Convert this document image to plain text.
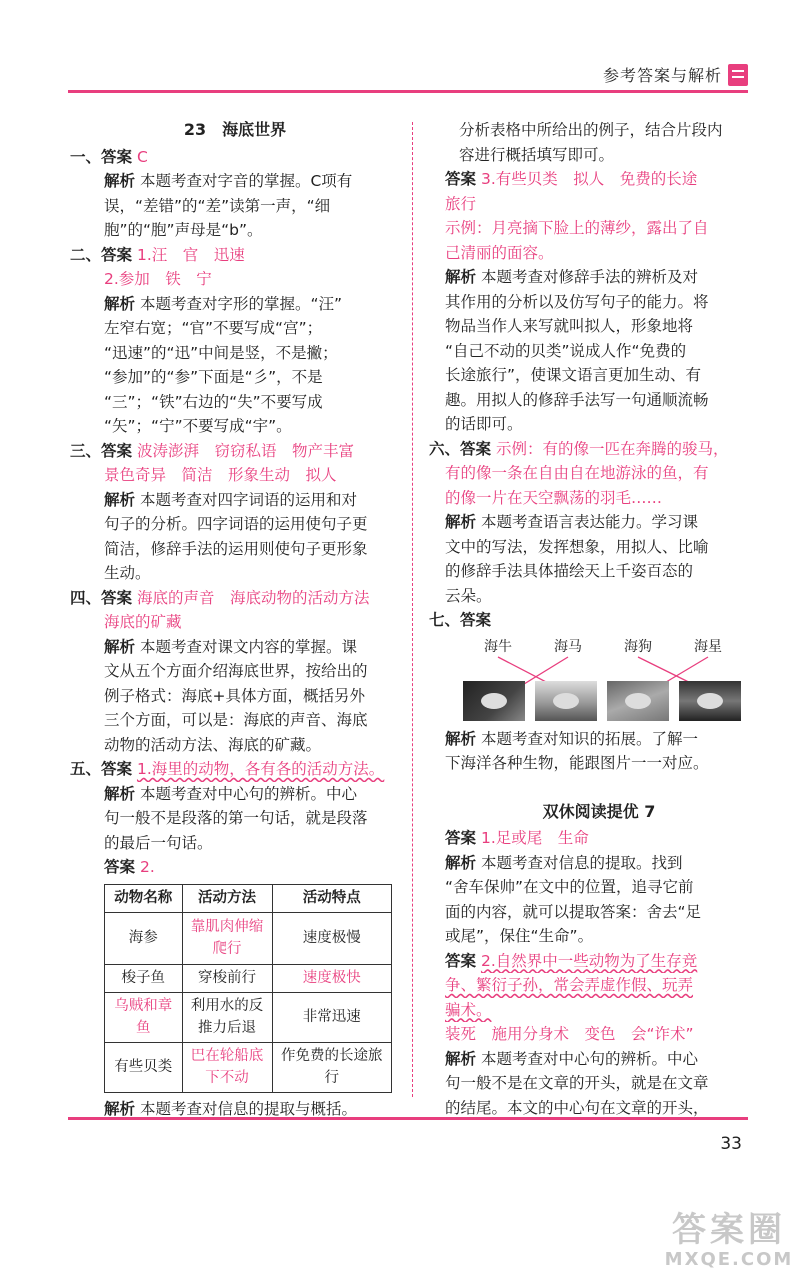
参考答案与解析
23　海底世界
一、答案 C
解析 本题考查对字音的掌握。C项有
误，“差错”的“差”读第一声，“细
胞”的“胞”声母是“b”。
二、答案 1.汪　官　迅速
2.参加　铁　宁
解析 本题考查对字形的掌握。“汪”
左窄右宽；“官”不要写成“宫”；
“迅速”的“迅”中间是竖，不是撇；
“参加”的“参”下面是“彡”，不是
“三”；“铁”右边的“失”不要写成
“矢”；“宁”不要写成“宇”。
三、答案 波涛澎湃　窃窃私语　物产丰富
景色奇异　简洁　形象生动　拟人
解析 本题考查对四字词语的运用和对
句子的分析。四字词语的运用使句子更
简洁，修辞手法的运用则使句子更形象
生动。
四、答案 海底的声音　海底动物的活动方法
海底的矿藏
解析 本题考查对课文内容的掌握。课
文从五个方面介绍海底世界，按给出的
例子格式：海底+具体方面，概括另外
三个方面，可以是：海底的声音、海底
动物的活动方法、海底的矿藏。
五、答案 1.海里的动物，各有各的活动方法。
解析 本题考查对中心句的辨析。中心
句一般不是段落的第一句话，就是段落
的最后一句话。
答案 2.
动物名称	活动方法	活动特点
海参	靠肌肉伸缩爬行	速度极慢
梭子鱼	穿梭前行	速度极快
乌贼和章鱼	利用水的反推力后退	非常迅速
有些贝类	巴在轮船底下不动	作免费的长途旅行
解析 本题考查对信息的提取与概括。
分析表格中所给出的例子，结合片段内
容进行概括填写即可。
答案 3.有些贝类　拟人　免费的长途
旅行
示例：月亮摘下脸上的薄纱，露出了自
己清丽的面容。
解析 本题考查对修辞手法的辨析及对
其作用的分析以及仿写句子的能力。将
物品当作人来写就叫拟人，形象地将
“自己不动的贝类”说成人作“免费的
长途旅行”，使课文语言更加生动、有
趣。用拟人的修辞手法写一句通顺流畅
的话即可。
六、答案 示例：有的像一匹在奔腾的骏马，
有的像一条在自由自在地游泳的鱼，有
的像一片在天空飘荡的羽毛……
解析 本题考查语言表达能力。学习课
文中的写法，发挥想象，用拟人、比喻
的修辞手法具体描绘天上千姿百态的
云朵。
七、答案
海牛	海马	海狗	海星
解析 本题考查对知识的拓展。了解一
下海洋各种生物，能跟图片一一对应。
双休阅读提优 7
答案 1.足或尾　生命
解析 本题考查对信息的提取。找到
“舍车保帅”在文中的位置，追寻它前
面的内容，就可以提取答案：舍去“足
或尾”，保住“生命”。
答案 2.自然界中一些动物为了生存竞
争、繁衍子孙，常会弄虚作假、玩弄
骗术。
装死　施用分身术　变色　会“诈术”
解析 本题考查对中心句的辨析。中心
句一般不是在文章的开头，就是在文章
的结尾。本文的中心句在文章的开头，
33
答案圈
MXQE.COM
